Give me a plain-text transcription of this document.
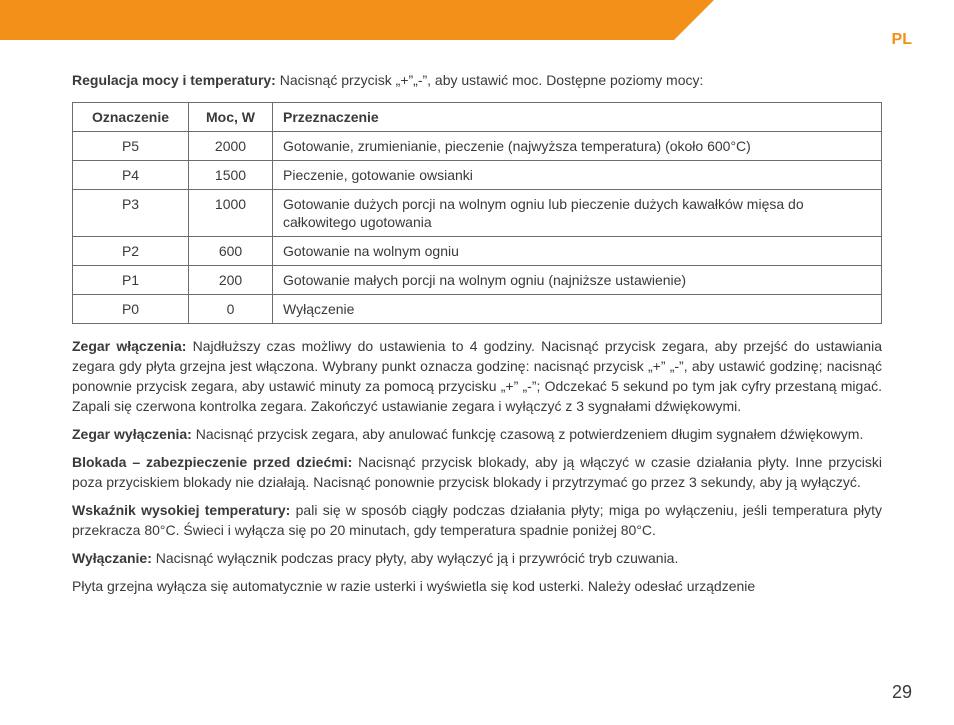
PL

Regulacja mocy i temperatury: Nacisnąć przycisk „+”„-”, aby ustawić moc. Dostępne poziomy mocy:

Oznaczenie	Moc, W	Przeznaczenie
P5	2000	Gotowanie, zrumienianie, pieczenie (najwyższa temperatura) (około 600°C)
P4	1500	Pieczenie, gotowanie owsianki
P3	1000	Gotowanie dużych porcji na wolnym ogniu lub pieczenie dużych kawałków mięsa do całkowitego ugotowania
P2	600	Gotowanie na wolnym ogniu
P1	200	Gotowanie małych porcji na wolnym ogniu (najniższe ustawienie)
P0	0	Wyłączenie

Zegar włączenia: Najdłuższy czas możliwy do ustawienia to 4 godziny. Nacisnąć przycisk zegara, aby przejść do ustawiania zegara gdy płyta grzejna jest włączona. Wybrany punkt oznacza godzinę: nacisnąć przycisk „+” „-”, aby ustawić godzinę; nacisnąć ponownie przycisk zegara, aby ustawić minuty za pomocą przycisku „+” „-”; Odczekać 5 sekund po tym jak cyfry przestaną migać. Zapali się czerwona kontrolka zegara. Zakończyć ustawianie zegara i wyłączyć z 3 sygnałami dźwiękowymi.

Zegar wyłączenia: Nacisnąć przycisk zegara, aby anulować funkcję czasową z potwierdzeniem długim sygnałem dźwiękowym.

Blokada – zabezpieczenie przed dziećmi: Nacisnąć przycisk blokady, aby ją włączyć w czasie działania płyty. Inne przyciski poza przyciskiem blokady nie działają. Nacisnąć ponownie przycisk blokady i przytrzymać go przez 3 sekundy, aby ją wyłączyć.

Wskaźnik wysokiej temperatury: pali się w sposób ciągły podczas działania płyty; miga po wyłączeniu, jeśli temperatura płyty przekracza 80°C. Świeci i wyłącza się po 20 minutach, gdy temperatura spadnie poniżej 80°C.

Wyłączanie: Nacisnąć wyłącznik podczas pracy płyty, aby wyłączyć ją i przywrócić tryb czuwania.

Płyta grzejna wyłącza się automatycznie w razie usterki i wyświetla się kod usterki. Należy odesłać urządzenie

29
